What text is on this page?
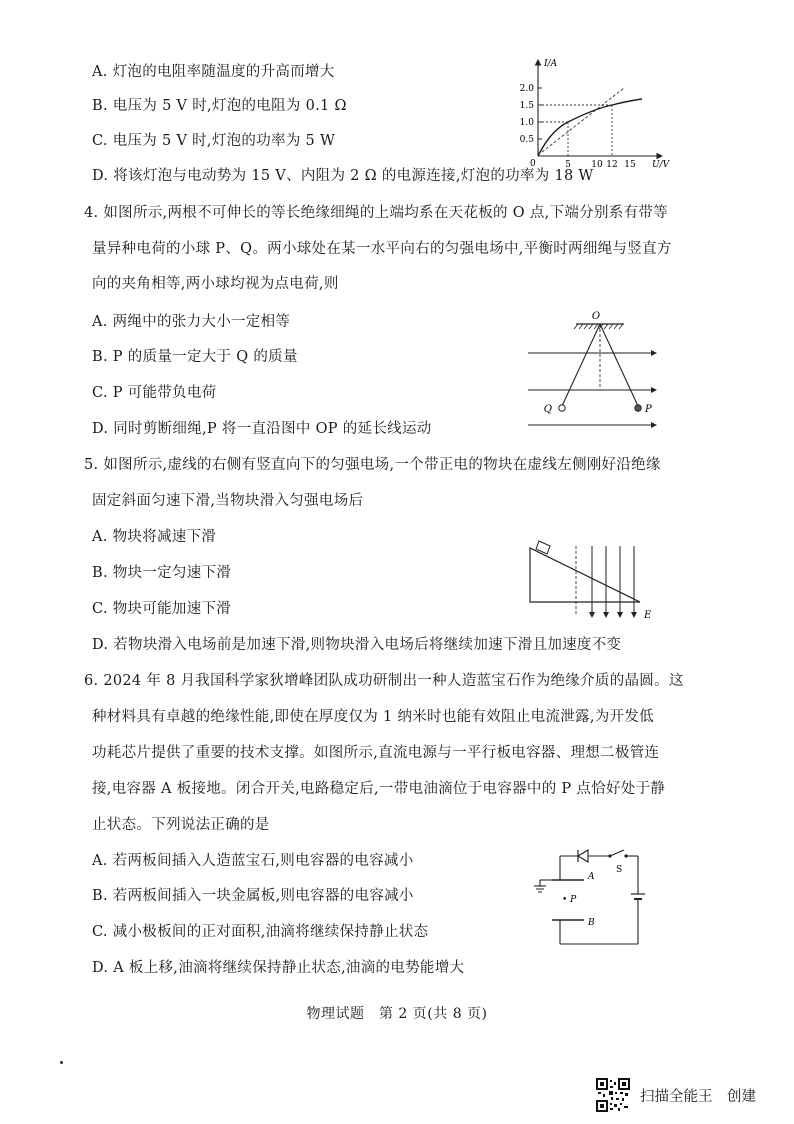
A. 灯泡的电阻率随温度的升高而增大
B. 电压为 5 V 时,灯泡的电阻为 0.1 Ω
C. 电压为 5 V 时,灯泡的功率为 5 W
D. 将该灯泡与电动势为 15 V、内阻为 2 Ω 的电源连接,灯泡的功率为 18 W
I/A
U/V
0
2.0
1.5
1.0
0.5
5 10 12 15
4. 如图所示,两根不可伸长的等长绝缘细绳的上端均系在天花板的 O 点,下端分别系有带等
量异种电荷的小球 P、Q。两小球处在某一水平向右的匀强电场中,平衡时两细绳与竖直方
向的夹角相等,两小球均视为点电荷,则
A. 两绳中的张力大小一定相等
B. P 的质量一定大于 Q 的质量
C. P 可能带负电荷
D. 同时剪断细绳,P 将一直沿图中 OP 的延长线运动
O
Q	P
5. 如图所示,虚线的右侧有竖直向下的匀强电场,一个带正电的物块在虚线左侧刚好沿绝缘
固定斜面匀速下滑,当物块滑入匀强电场后
A. 物块将减速下滑
B. 物块一定匀速下滑
C. 物块可能加速下滑
D. 若物块滑入电场前是加速下滑,则物块滑入电场后将继续加速下滑且加速度不变
E
6. 2024 年 8 月我国科学家狄增峰团队成功研制出一种人造蓝宝石作为绝缘介质的晶圆。这
种材料具有卓越的绝缘性能,即使在厚度仅为 1 纳米时也能有效阻止电流泄露,为开发低
功耗芯片提供了重要的技术支撑。如图所示,直流电源与一平行板电容器、理想二极管连
接,电容器 A 板接地。闭合开关,电路稳定后,一带电油滴位于电容器中的 P 点恰好处于静
止状态。下列说法正确的是
A. 若两板间插入人造蓝宝石,则电容器的电容减小
B. 若两板间插入一块金属板,则电容器的电容减小
C. 减小极板间的正对面积,油滴将继续保持静止状态
D. A 板上移,油滴将继续保持静止状态,油滴的电势能增大
S
A
• P
B
物理试题　第 2 页(共 8 页)
扫描全能王　创建
